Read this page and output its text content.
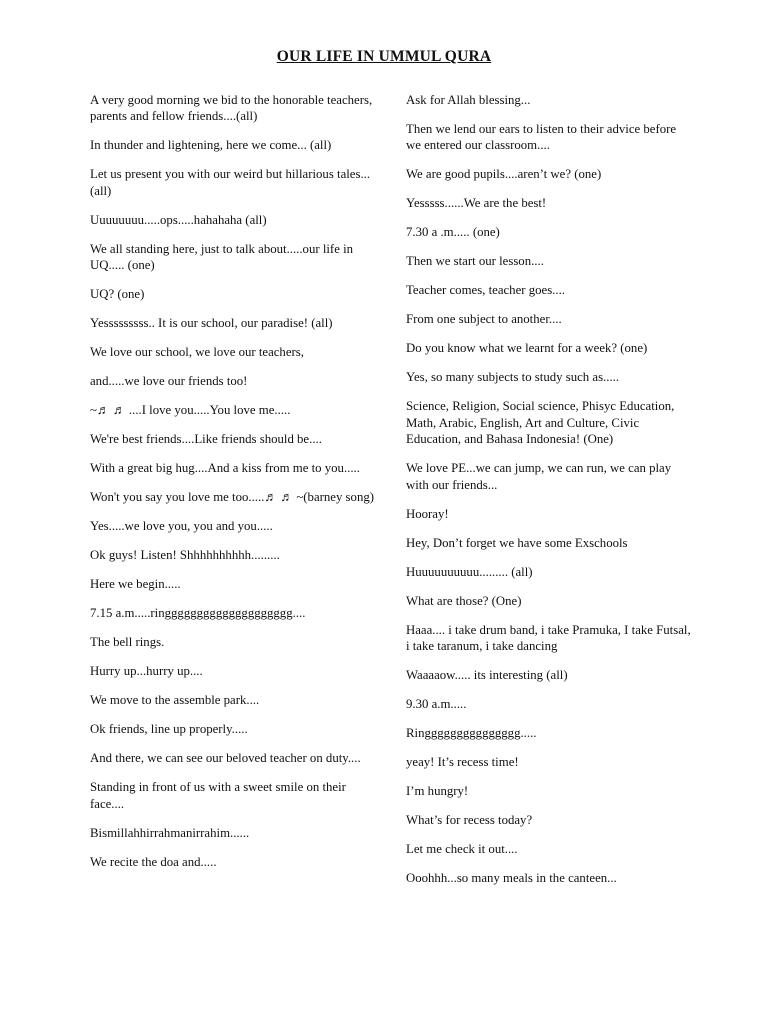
OUR LIFE IN UMMUL QURA

A very good morning we bid to the honorable teachers, parents and fellow friends....(all)

In thunder and lightening, here we come... (all)

Let us present you with our weird but hillarious tales...(all)

Uuuuuuuu.....ops.....hahahaha (all)

We all standing here, just to talk about.....our life in UQ..... (one)

UQ? (one)

Yesssssssss.. It is our school, our paradise! (all)

We love our school, we love our teachers,

and.....we love our friends too!

~♬ ♬ ....I love you.....You love me.....

We're best friends....Like friends should be....

With a great big hug....And a kiss from me to you.....

Won't you say you love me too.....♬ ♬ ~(barney song)

Yes.....we love you, you and you.....

Ok guys! Listen! Shhhhhhhhhh.........

Here we begin.....

7.15 a.m.....ringggggggggggggggggggg....

The bell rings.

Hurry up...hurry up....

We move to the assemble park....

Ok friends, line up properly.....

And there, we can see our beloved teacher on duty....

Standing in front of us with a sweet smile on their face....

Bismillahhirrahmanirrahim......

We recite the doa and.....

Ask for Allah blessing...

Then we lend our ears to listen to their advice before we entered our classroom....

We are good pupils....aren’t we? (one)

Yesssss......We are the best!

7.30 a .m..... (one)

Then we start our lesson....

Teacher comes, teacher goes....

From one subject to another....

Do you know what we learnt for a week? (one)

Yes, so many subjects to study such as.....

Science, Religion, Social science, Phisyc Education, Math, Arabic, English, Art and Culture, Civic Education, and Bahasa Indonesia! (One)

We love PE...we can jump, we can run, we can play with our friends...

Hooray!

Hey, Don’t forget we have some Exschools

Huuuuuuuuuu......... (all)

What are those? (One)

Haaa.... i take drum band, i take Pramuka, I take Futsal, i take taranum, i take dancing

Waaaaow..... its interesting (all)

9.30 a.m.....

Ringgggggggggggggg.....

yeay! It’s recess time!

I’m hungry!

What’s for recess today?

Let me check it out....

Ooohhh...so many meals in the canteen...
